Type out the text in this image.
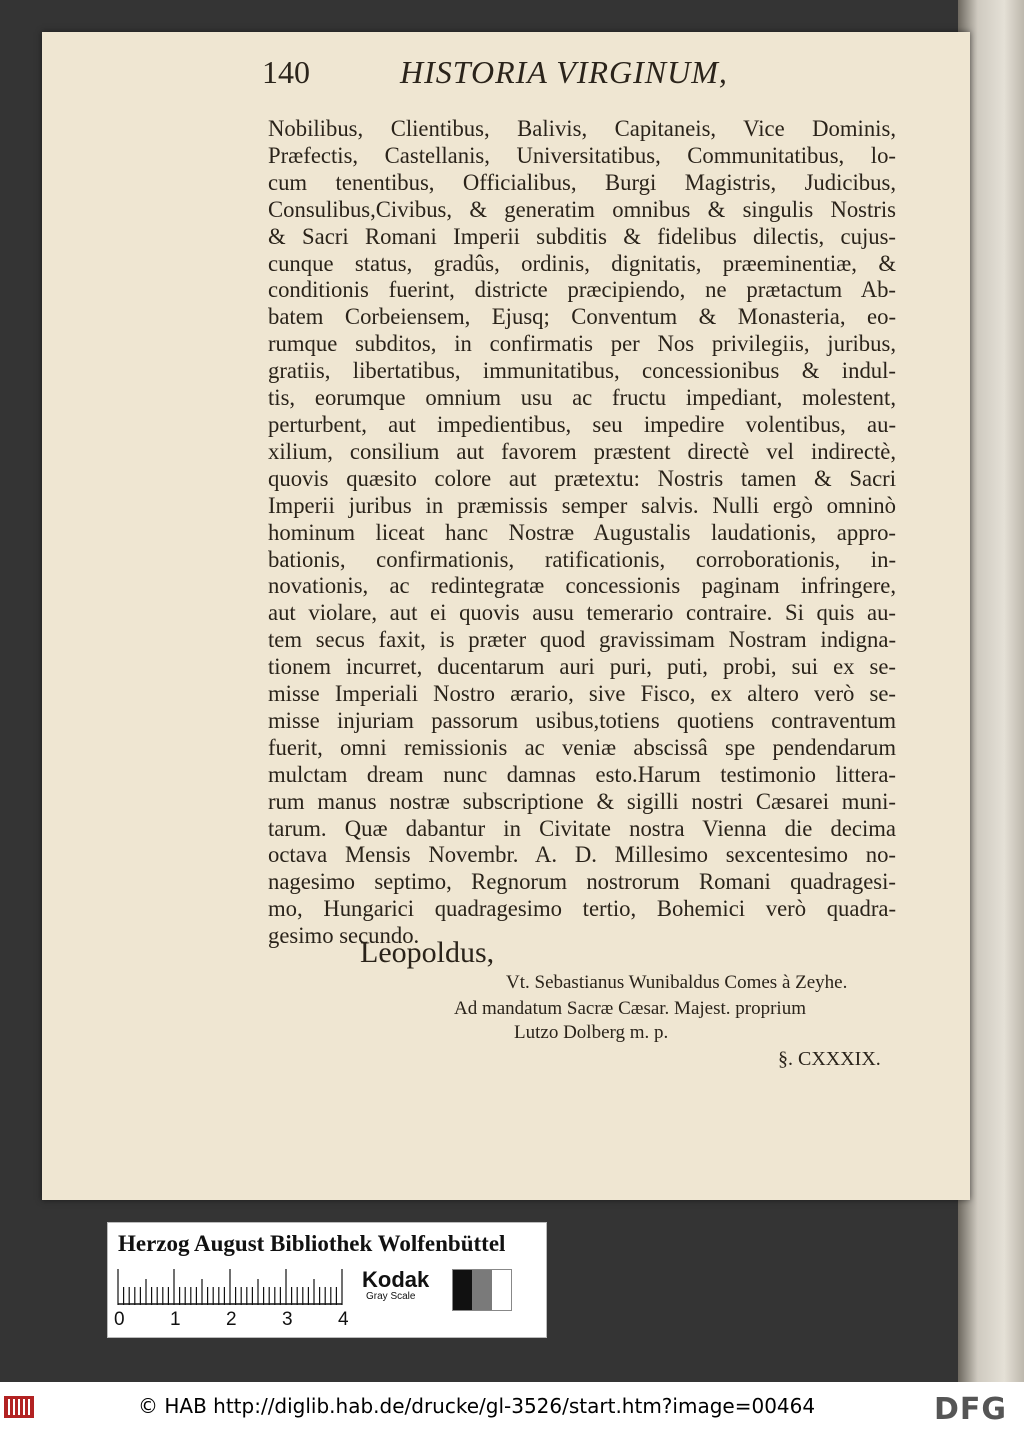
140	HISTORIA VIRGINUM,
Nobilibus, Clientibus, Balivis, Capitaneis, Vice Dominis,
Præfectis, Castellanis, Universitatibus, Communitatibus, lo-
cum tenentibus, Officialibus, Burgi Magistris, Judicibus,
Consulibus,Civibus, & generatim omnibus & singulis Nostris
& Sacri Romani Imperii subditis & fidelibus dilectis, cujus-
cunque status, gradûs, ordinis, dignitatis, præeminentiæ, &
conditionis fuerint, districte præcipiendo, ne prætactum Ab-
batem Corbeiensem, Ejusq; Conventum & Monasteria, eo-
rumque subditos, in confirmatis per Nos privilegiis, juribus,
gratiis, libertatibus, immunitatibus, concessionibus & indul-
tis, eorumque omnium usu ac fructu impediant, molestent,
perturbent, aut impedientibus, seu impedire volentibus, au-
xilium, consilium aut favorem præstent directè vel indirectè,
quovis quæsito colore aut prætextu: Nostris tamen & Sacri
Imperii juribus in præmissis semper salvis. Nulli ergò omninò
hominum liceat hanc Nostræ Augustalis laudationis, appro-
bationis, confirmationis, ratificationis, corroborationis, in-
novationis, ac redintegratæ concessionis paginam infringere,
aut violare, aut ei quovis ausu temerario contraire. Si quis au-
tem secus faxit, is præter quod gravissimam Nostram indigna-
tionem incurret, ducentarum auri puri, puti, probi, sui ex se-
misse Imperiali Nostro ærario, sive Fisco, ex altero verò se-
misse injuriam passorum usibus,totiens quotiens contraventum
fuerit, omni remissionis ac veniæ abscissâ spe pendendarum
mulctam dream nunc damnas esto.Harum testimonio littera-
rum manus nostræ subscriptione & sigilli nostri Cæsarei muni-
tarum. Quæ dabantur in Civitate nostra Vienna die decima
octava Mensis Novembr. A. D. Millesimo sexcentesimo no-
nagesimo septimo, Regnorum nostrorum Romani quadragesi-
mo, Hungarici quadragesimo tertio, Bohemici verò quadra-
gesimo secundo.
Leopoldus,
Vt. Sebastianus Wunibaldus Comes à Zeyhe.
Ad mandatum Sacræ Cæsar. Majest. proprium
Lutzo Dolberg m. p.
§. CXXXIX.
Herzog August Bibliothek Wolfenbüttel
0 1 2 3 4
Kodak
Gray Scale
© HAB http://diglib.hab.de/drucke/gl-3526/start.htm?image=00464	DFG
